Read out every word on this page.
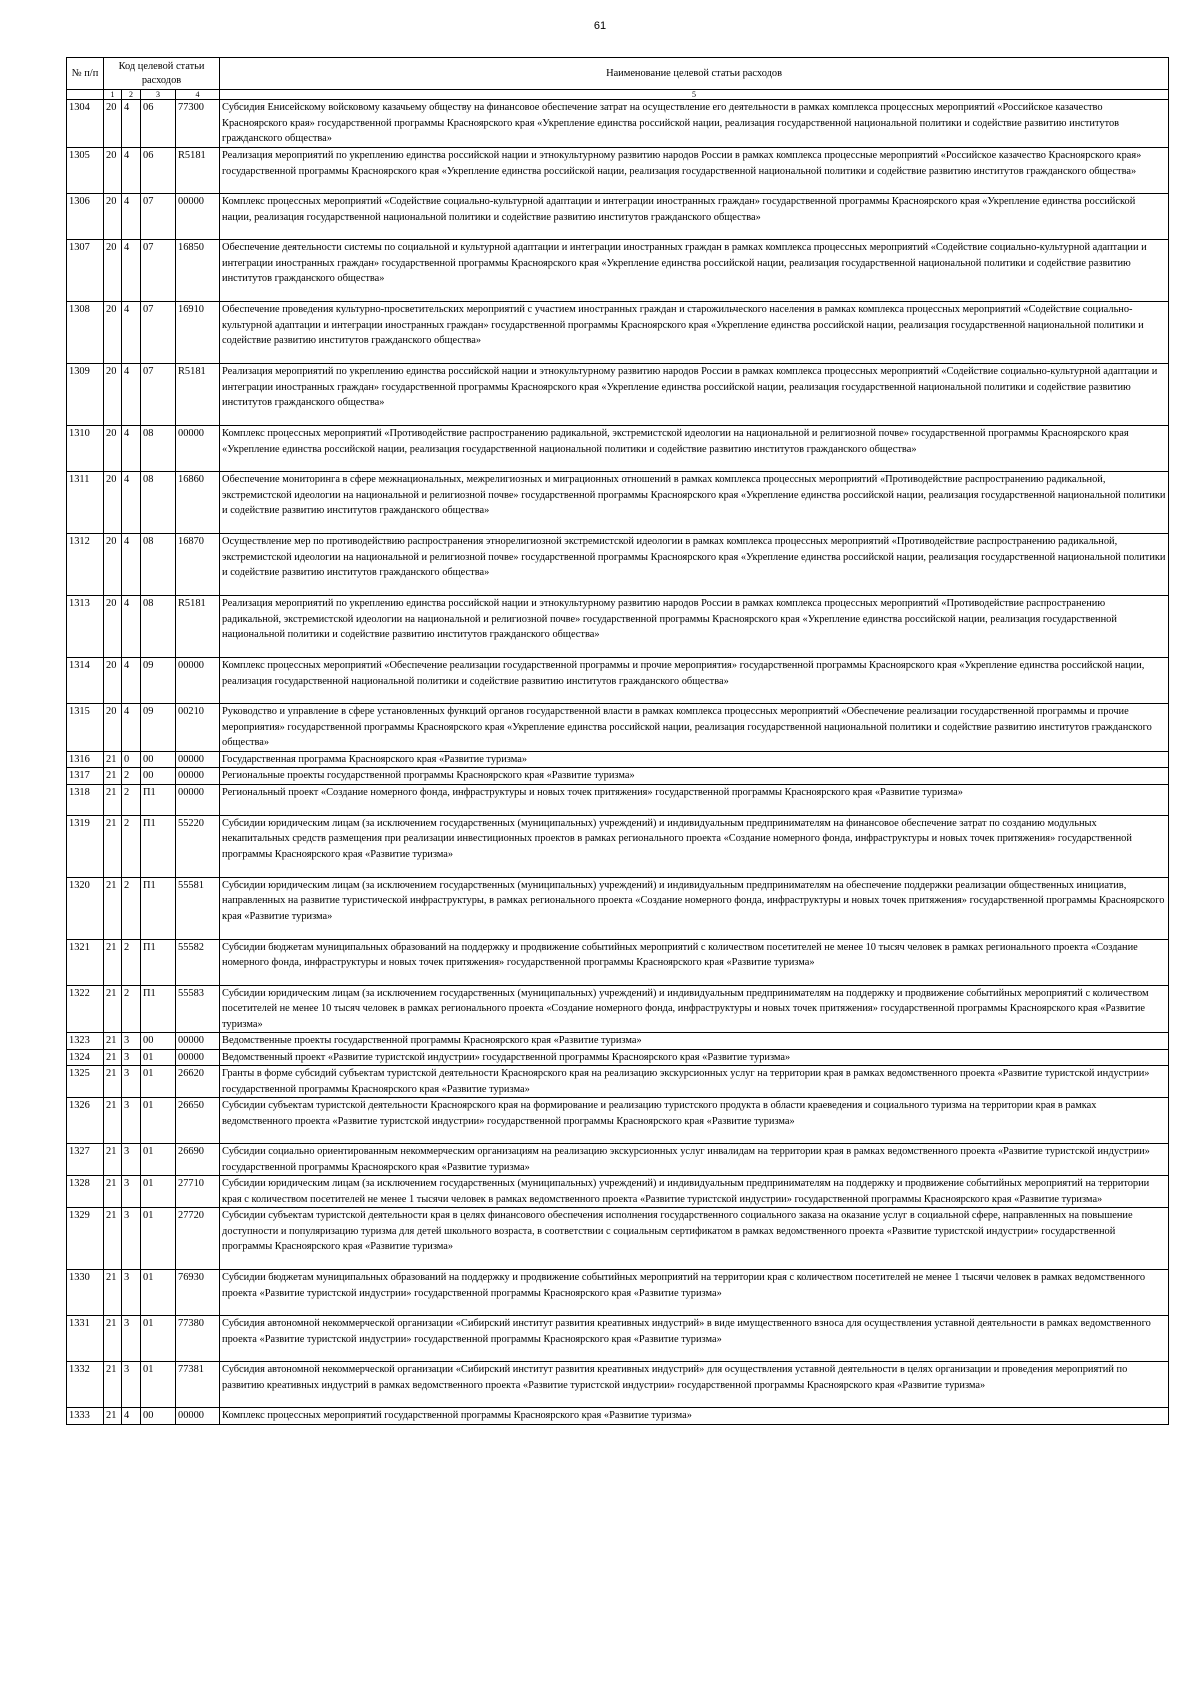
61
№ п/п	Код целевой статьи расходов				Наименование целевой статьи расходов

	1	2	3	4	5
1304	20	4	06	77300	Субсидия Енисейскому войсковому казачьему обществу на финансовое обеспечение затрат на осуществление его деятельности в рамках комплекса процессных мероприятий «Российское казачество Красноярского края» государственной программы Красноярского края «Укрепление единства российской нации, реализация государственной национальной политики и содействие развитию институтов гражданского общества»
1305	20	4	06	R5181	Реализация мероприятий по укреплению единства российской нации и этнокультурному развитию народов России в рамках комплекса процессные мероприятий «Российское казачество Красноярского края» государственной программы Красноярского края «Укрепление единства российской нации, реализация государственной национальной политики и содействие развитию институтов гражданского общества»
1306	20	4	07	00000	Комплекс процессных мероприятий «Содействие социально-культурной адаптации и интеграции иностранных граждан» государственной программы Красноярского края «Укрепление единства российской нации, реализация государственной национальной политики и содействие развитию институтов гражданского общества»
1307	20	4	07	16850	Обеспечение деятельности системы по социальной и культурной адаптации и интеграции иностранных граждан в рамках комплекса процессных мероприятий «Содействие социально-культурной адаптации и интеграции иностранных граждан» государственной программы Красноярского края «Укрепление единства российской нации, реализация государственной национальной политики и содействие развитию институтов гражданского общества»
1308	20	4	07	16910	Обеспечение проведения культурно-просветительских мероприятий с участием иностранных граждан и старожильческого населения в рамках комплекса процессных мероприятий «Содействие социально-культурной адаптации и интеграции иностранных граждан» государственной программы Красноярского края «Укрепление единства российской нации, реализация государственной национальной политики и содействие развитию институтов гражданского общества»
1309	20	4	07	R5181	Реализация мероприятий по укреплению единства российской нации и этнокультурному развитию народов России в рамках комплекса процессных мероприятий «Содействие социально-культурной адаптации и интеграции иностранных граждан» государственной программы Красноярского края «Укрепление единства российской нации, реализация государственной национальной политики и содействие развитию институтов гражданского общества»
1310	20	4	08	00000	Комплекс процессных мероприятий «Противодействие распространению радикальной, экстремистской идеологии на национальной и религиозной почве» государственной программы Красноярского края «Укрепление единства российской нации, реализация государственной национальной политики и содействие развитию институтов гражданского общества»
1311	20	4	08	16860	Обеспечение мониторинга в сфере межнациональных, межрелигиозных и миграционных отношений в рамках комплекса процессных мероприятий «Противодействие распространению радикальной, экстремистской идеологии на национальной и религиозной почве» государственной программы Красноярского края «Укрепление единства российской нации, реализация государственной национальной политики и содействие развитию институтов гражданского общества»
1312	20	4	08	16870	Осуществление мер по противодействию распространения этнорелигиозной экстремистской идеологии в рамках комплекса процессных мероприятий «Противодействие распространению радикальной, экстремистской идеологии на национальной и религиозной почве» государственной программы Красноярского края «Укрепление единства российской нации, реализация государственной национальной политики и содействие развитию институтов гражданского общества»
1313	20	4	08	R5181	Реализация мероприятий по укреплению единства российской нации и этнокультурному развитию народов России в рамках комплекса процессных мероприятий «Противодействие распространению радикальной, экстремистской идеологии на национальной и религиозной почве» государственной программы Красноярского края «Укрепление единства российской нации, реализация государственной национальной политики и содействие развитию институтов гражданского общества»
1314	20	4	09	00000	Комплекс процессных мероприятий «Обеспечение реализации государственной программы и прочие мероприятия» государственной программы Красноярского края «Укрепление единства российской нации, реализация государственной национальной политики и содействие развитию институтов гражданского общества»
1315	20	4	09	00210	Руководство и управление в сфере установленных функций органов государственной власти в рамках комплекса процессных мероприятий «Обеспечение реализации государственной программы и прочие мероприятия» государственной программы Красноярского края «Укрепление единства российской нации, реализация государственной национальной политики и содействие развитию институтов гражданского общества»
1316	21	0	00	00000	Государственная программа Красноярского края «Развитие туризма»
1317	21	2	00	00000	Региональные проекты государственной программы Красноярского края «Развитие туризма»
1318	21	2	П1	00000	Региональный проект «Создание номерного фонда, инфраструктуры и новых точек притяжения» государственной программы Красноярского края «Развитие туризма»
1319	21	2	П1	55220	Субсидии юридическим лицам (за исключением государственных (муниципальных) учреждений) и индивидуальным предпринимателям на финансовое обеспечение затрат по созданию модульных некапитальных средств размещения при реализации инвестиционных проектов в рамках регионального проекта «Создание номерного фонда, инфраструктуры и новых точек притяжения» государственной программы Красноярского края «Развитие туризма»
1320	21	2	П1	55581	Субсидии юридическим лицам (за исключением государственных (муниципальных) учреждений) и индивидуальным предпринимателям на обеспечение поддержки реализации общественных инициатив, направленных на развитие туристической инфраструктуры, в рамках регионального проекта «Создание номерного фонда, инфраструктуры и новых точек притяжения» государственной программы Красноярского края «Развитие туризма»
1321	21	2	П1	55582	Субсидии бюджетам муниципальных образований на поддержку и продвижение событийных мероприятий с количеством посетителей не менее 10 тысяч человек в рамках регионального проекта «Создание номерного фонда, инфраструктуры и новых точек притяжения» государственной программы Красноярского края «Развитие туризма»
1322	21	2	П1	55583	Субсидии юридическим лицам (за исключением государственных (муниципальных) учреждений) и индивидуальным предпринимателям на поддержку и продвижение событийных мероприятий с количеством посетителей не менее 10 тысяч человек в рамках регионального проекта «Создание номерного фонда, инфраструктуры и новых точек притяжения» государственной программы Красноярского края «Развитие туризма»
1323	21	3	00	00000	Ведомственные проекты государственной программы Красноярского края «Развитие туризма»
1324	21	3	01	00000	Ведомственный проект «Развитие туристской индустрии» государственной программы Красноярского края «Развитие туризма»
1325	21	3	01	26620	Гранты в форме субсидий субъектам туристской деятельности Красноярского края на реализацию экскурсионных услуг на территории края в рамках ведомственного проекта «Развитие туристской индустрии» государственной программы Красноярского края «Развитие туризма»
1326	21	3	01	26650	Субсидии субъектам туристской деятельности Красноярского края на формирование и реализацию туристского продукта в области краеведения и социального туризма на территории края в рамках ведомственного проекта «Развитие туристской индустрии» государственной программы Красноярского края «Развитие туризма»
1327	21	3	01	26690	Субсидии социально ориентированным некоммерческим организациям на реализацию экскурсионных услуг инвалидам на территории края в рамках ведомственного проекта «Развитие туристской индустрии» государственной программы Красноярского края «Развитие туризма»
1328	21	3	01	27710	Субсидии юридическим лицам (за исключением государственных (муниципальных) учреждений) и индивидуальным предпринимателям на поддержку и продвижение событийных мероприятий на территории края с количеством посетителей не менее 1 тысячи человек в рамках ведомственного проекта «Развитие туристской индустрии» государственной программы Красноярского края «Развитие туризма»
1329	21	3	01	27720	Субсидии субъектам туристской деятельности края в целях финансового обеспечения исполнения государственного социального заказа на оказание услуг в социальной сфере, направленных на повышение доступности и популяризацию туризма для детей школьного возраста, в соответствии с социальным сертификатом в рамках ведомственного проекта «Развитие туристской индустрии» государственной программы Красноярского края «Развитие туризма»
1330	21	3	01	76930	Субсидии бюджетам муниципальных образований на поддержку и продвижение событийных мероприятий на территории края с количеством посетителей не менее 1 тысячи человек в рамках ведомственного проекта «Развитие туристской индустрии» государственной программы Красноярского края «Развитие туризма»
1331	21	3	01	77380	Субсидия автономной некоммерческой организации «Сибирский институт развития креативных индустрий» в виде имущественного взноса для осуществления уставной деятельности в рамках ведомственного проекта «Развитие туристской индустрии» государственной программы Красноярского края «Развитие туризма»
1332	21	3	01	77381	Субсидия автономной некоммерческой организации «Сибирский институт развития креативных индустрий» для осуществления уставной деятельности в целях организации и проведения мероприятий по развитию креативных индустрий в рамках ведомственного проекта «Развитие туристской индустрии» государственной программы Красноярского края «Развитие туризма»
1333	21	4	00	00000	Комплекс процессных мероприятий государственной программы Красноярского края «Развитие туризма»
